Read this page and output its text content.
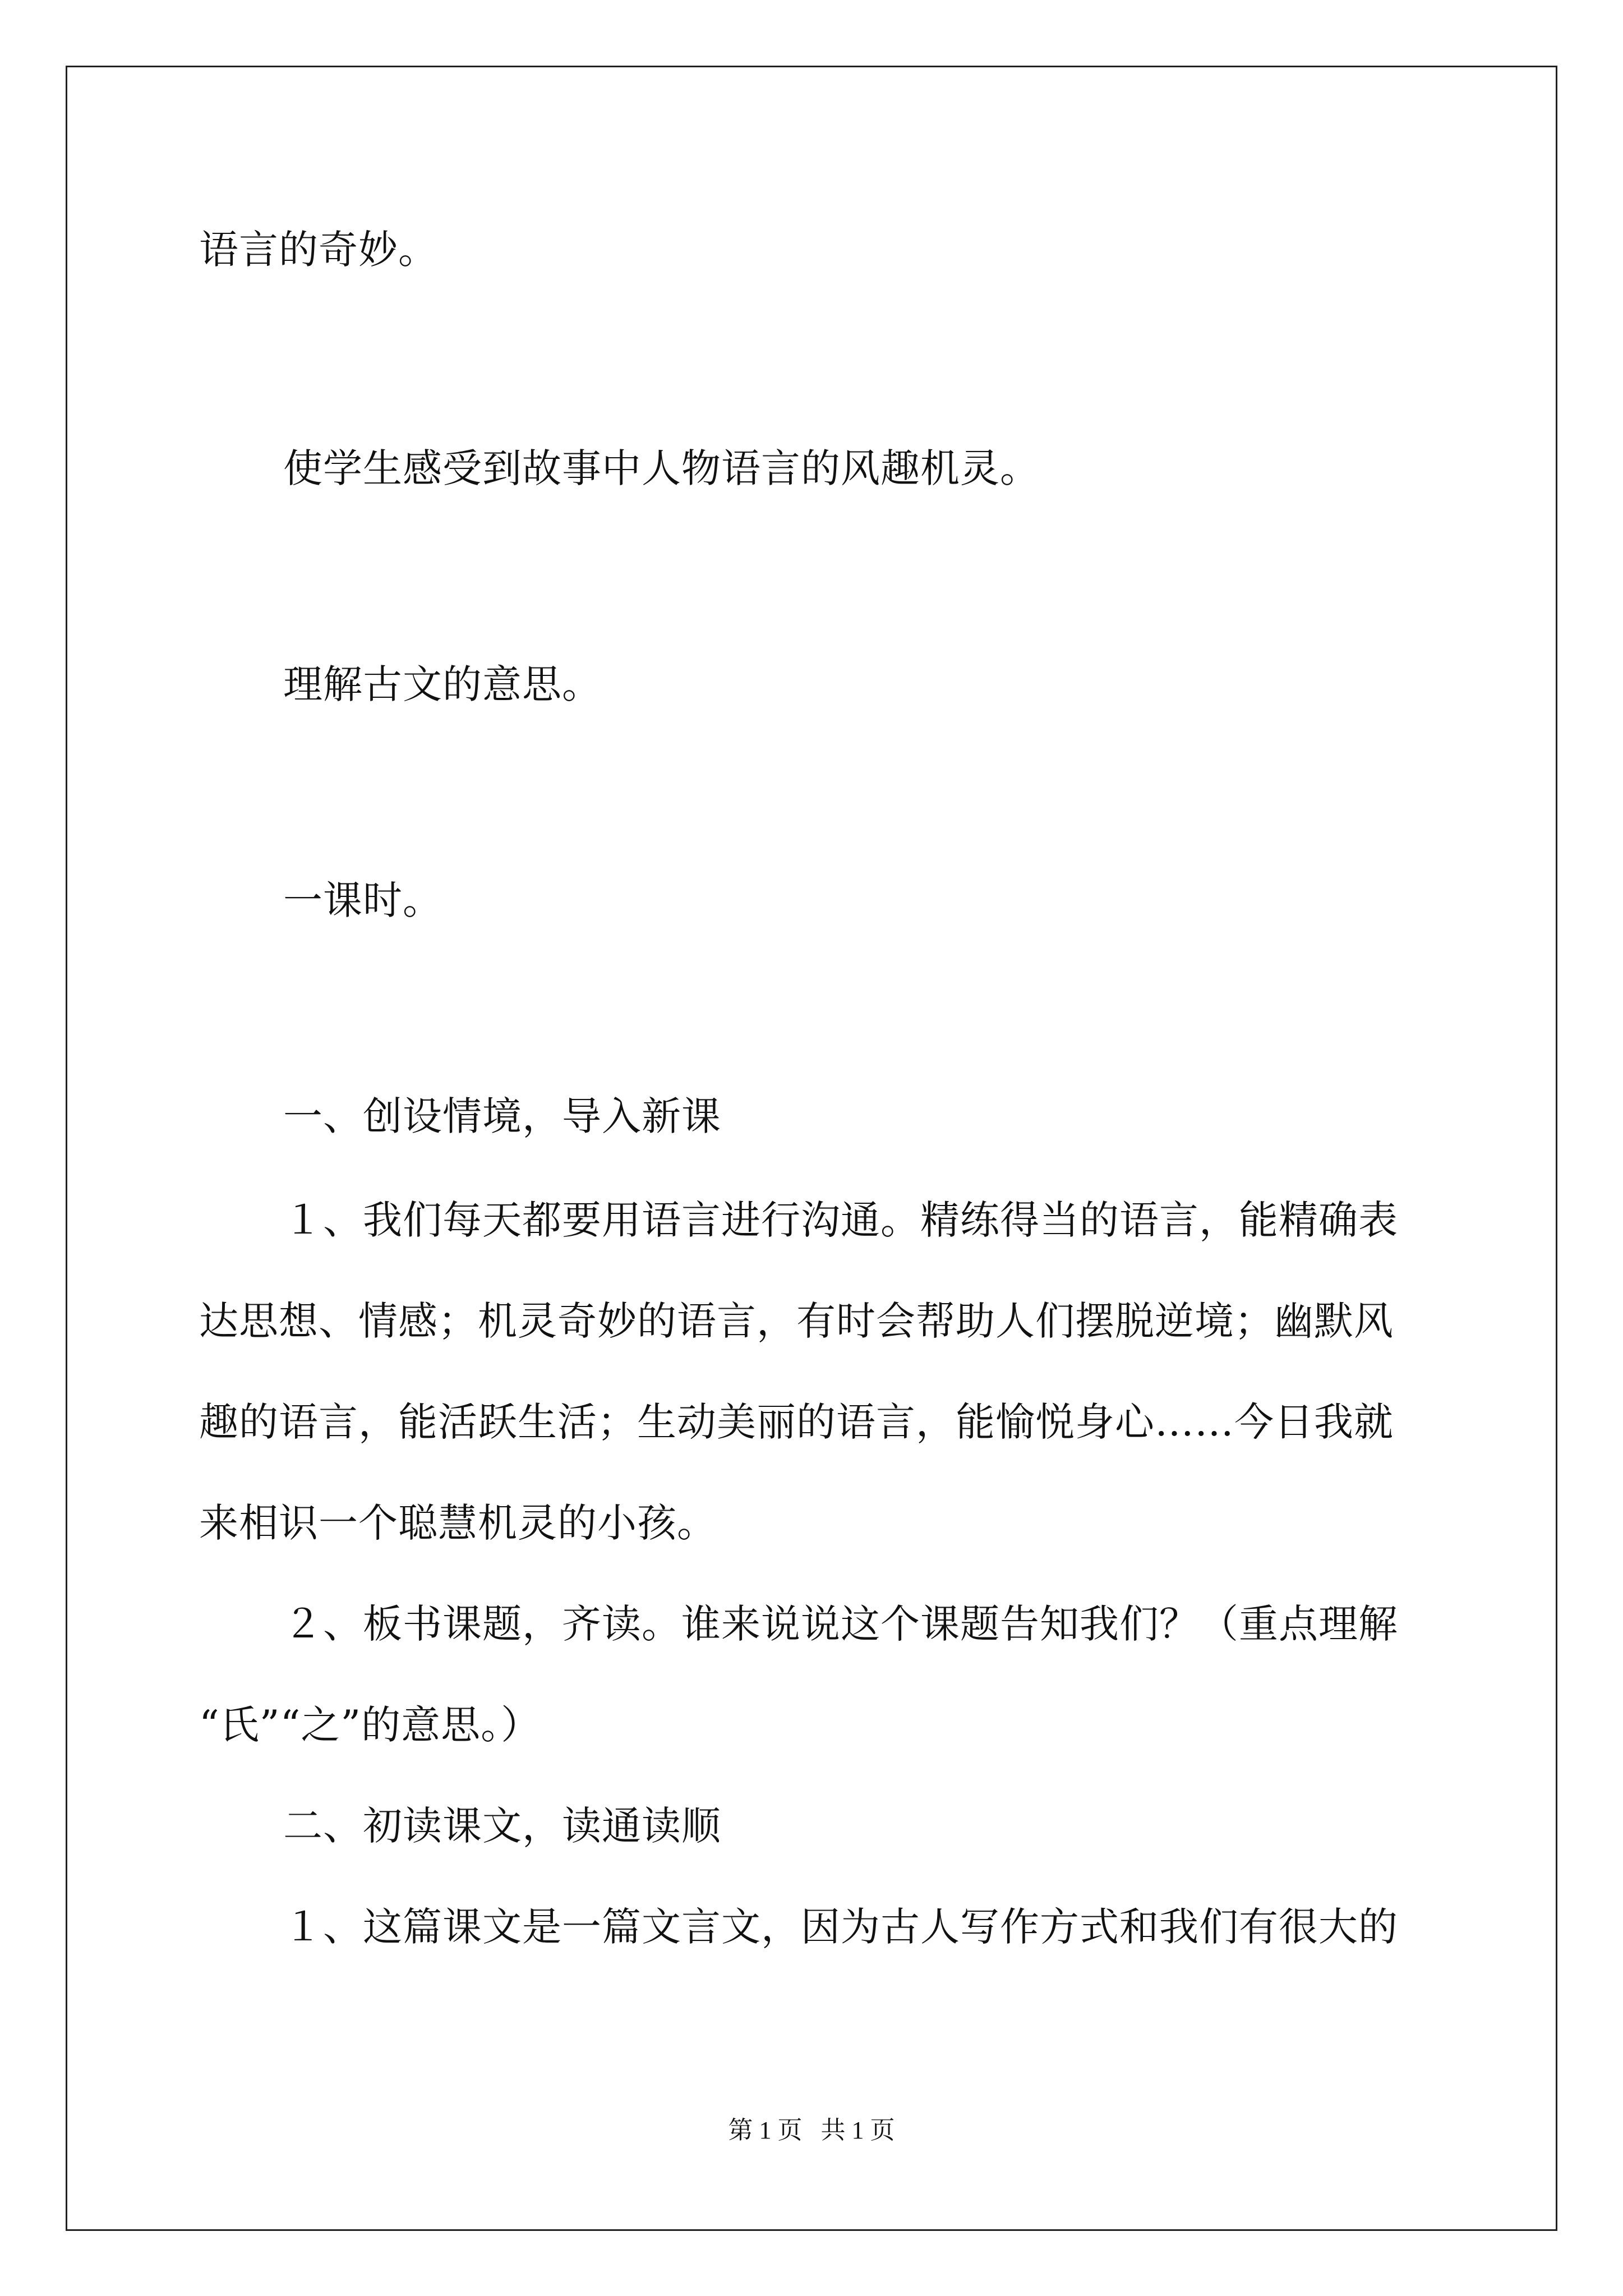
语言的奇妙。

使学生感受到故事中人物语言的风趣机灵。

理解古文的意思。

一课时。

一、创设情境，导入新课

１、我们每天都要用语言进行沟通。精练得当的语言，能精确表

达思想、情感；机灵奇妙的语言，有时会帮助人们摆脱逆境；幽默风

趣的语言，能活跃生活；生动美丽的语言，能愉悦身心……今日我就

来相识一个聪慧机灵的小孩。

２、板书课题，齐读。谁来说说这个课题告知我们？（重点理解

“氏”“之”的意思。）

二、初读课文，读通读顺

１、这篇课文是一篇文言文，因为古人写作方式和我们有很大的

第 1 页   共 1 页
